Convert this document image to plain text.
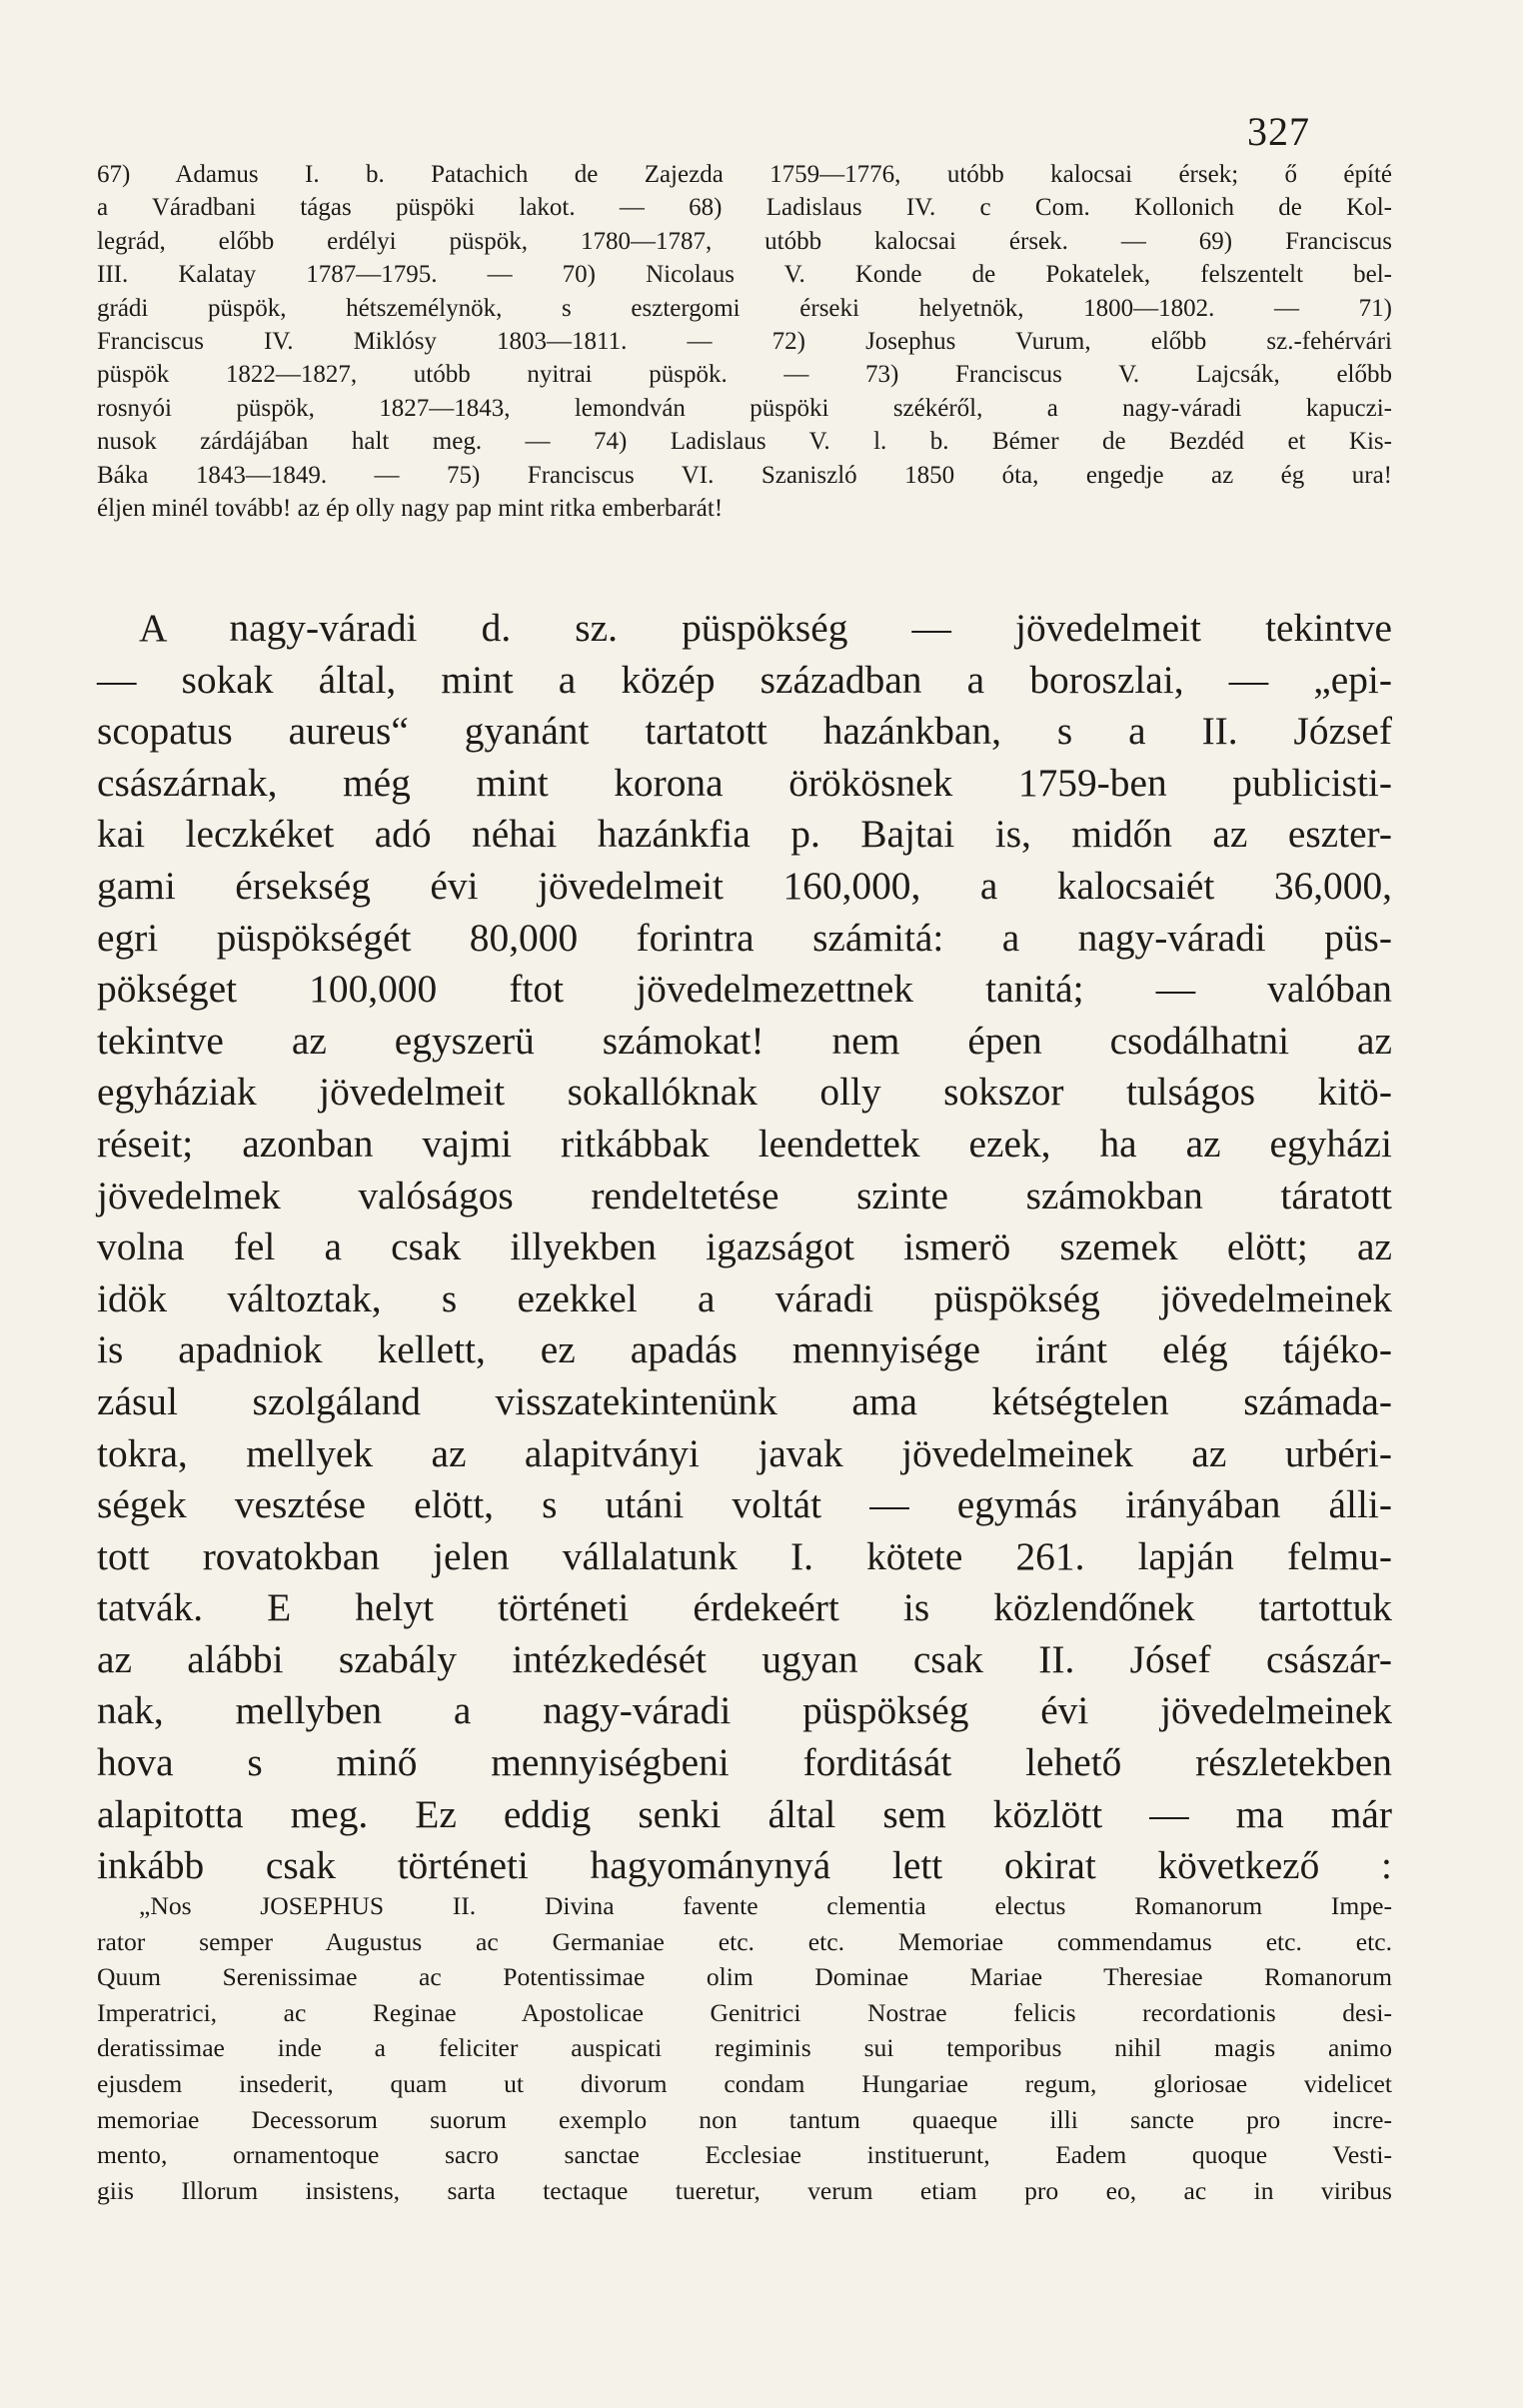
327
67) Adamus I. b. Patachich de Zajezda 1759—1776, utóbb kalocsai érsek; ő építé
a Váradbani tágas püspöki lakot. — 68) Ladislaus IV. c Com. Kollonich de Kol-
legrád, előbb erdélyi püspök, 1780—1787, utóbb kalocsai érsek. — 69) Franciscus
III. Kalatay 1787—1795. — 70) Nicolaus V. Konde de Pokatelek, felszentelt bel-
grádi püspök, hétszemélynök, s esztergomi érseki helyetnök, 1800—1802. — 71)
Franciscus IV. Miklósy 1803—1811. — 72) Josephus Vurum, előbb sz.-fehérvári
püspök 1822—1827, utóbb nyitrai püspök. — 73) Franciscus V. Lajcsák, előbb
rosnyói püspök, 1827—1843, lemondván püspöki székéről, a nagy-váradi kapuczi-
nusok zárdájában halt meg. — 74) Ladislaus V. l. b. Bémer de Bezdéd et Kis-
Báka 1843—1849. — 75) Franciscus VI. Szaniszló 1850 óta, engedje az ég ura!
éljen minél tovább! az ép olly nagy pap mint ritka emberbarát!
A nagy-váradi d. sz. püspökség — jövedelmeit tekintve
— sokak által, mint a közép században a boroszlai, — „epi-
scopatus aureus“ gyanánt tartatott hazánkban, s a II. József
császárnak, még mint korona örökösnek 1759-ben publicisti-
kai leczkéket adó néhai hazánkfia p. Bajtai is, midőn az eszter-
gami érsekség évi jövedelmeit 160,000, a kalocsaiét 36,000,
egri püspökségét 80,000 forintra számitá: a nagy-váradi püs-
pökséget 100,000 ftot jövedelmezettnek tanitá; — valóban
tekintve az egyszerü számokat! nem épen csodálhatni az
egyháziak jövedelmeit sokallóknak olly sokszor tulságos kitö-
réseit; azonban vajmi ritkábbak leendettek ezek, ha az egyházi
jövedelmek valóságos rendeltetése szinte számokban táratott
volna fel a csak illyekben igazságot ismerö szemek elött; az
idök változtak, s ezekkel a váradi püspökség jövedelmeinek
is apadniok kellett, ez apadás mennyisége iránt elég tájéko-
zásul szolgáland visszatekintenünk ama kétségtelen számada-
tokra, mellyek az alapitványi javak jövedelmeinek az urbéri-
ségek vesztése elött, s utáni voltát — egymás irányában álli-
tott rovatokban jelen vállalatunk I. kötete 261. lapján felmu-
tatvák. E helyt történeti érdekeért is közlendőnek tartottuk
az alábbi szabály intézkedését ugyan csak II. Jósef császár-
nak, mellyben a nagy-váradi püspökség évi jövedelmeinek
hova s minő mennyiségbeni forditását lehető részletekben
alapitotta meg. Ez eddig senki által sem közlött — ma már
inkább csak történeti hagyománynyá lett okirat következő :
„Nos JOSEPHUS II. Divina favente clementia electus Romanorum Impe-
rator semper Augustus ac Germaniae etc. etc. Memoriae commendamus etc. etc.
Quum Serenissimae ac Potentissimae olim Dominae Mariae Theresiae Romanorum
Imperatrici, ac Reginae Apostolicae Genitrici Nostrae felicis recordationis desi-
deratissimae inde a feliciter auspicati regiminis sui temporibus nihil magis animo
ejusdem insederit, quam ut divorum condam Hungariae regum, gloriosae videlicet
memoriae Decessorum suorum exemplo non tantum quaeque illi sancte pro incre-
mento, ornamentoque sacro sanctae Ecclesiae instituerunt, Eadem quoque Vesti-
giis Illorum insistens, sarta tectaque tueretur, verum etiam pro eo, ac in viribus
